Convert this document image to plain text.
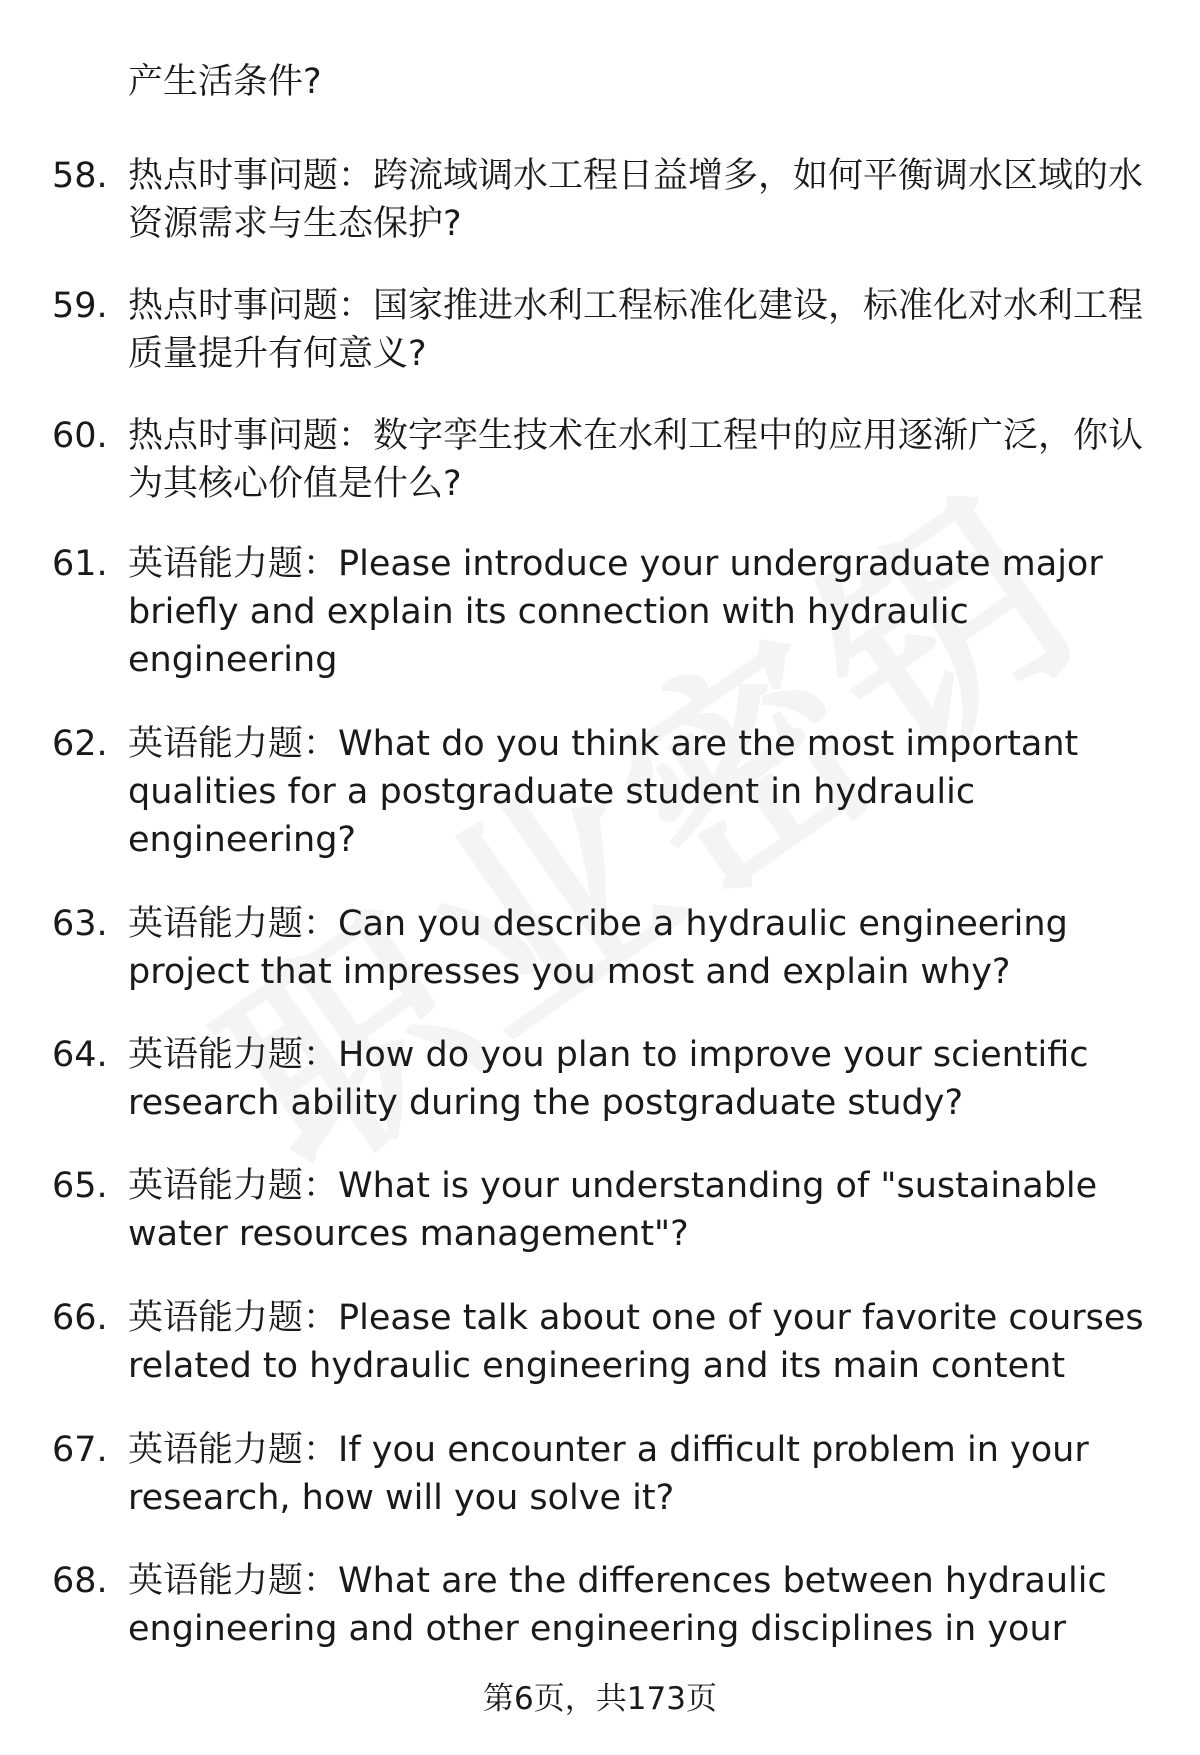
产生活条件?
58. 热点时事问题：跨流域调水工程日益增多，如何平衡调水区域的水资源需求与生态保护?
59. 热点时事问题：国家推进水利工程标准化建设，标准化对水利工程质量提升有何意义?
60. 热点时事问题：数字孪生技术在水利工程中的应用逐渐广泛，你认为其核心价值是什么?
61. 英语能力题：Please introduce your undergraduate major briefly and explain its connection with hydraulic engineering
62. 英语能力题：What do you think are the most important qualities for a postgraduate student in hydraulic engineering?
63. 英语能力题：Can you describe a hydraulic engineering project that impresses you most and explain why?
64. 英语能力题：How do you plan to improve your scientific research ability during the postgraduate study?
65. 英语能力题：What is your understanding of "sustainable water resources management"?
66. 英语能力题：Please talk about one of your favorite courses related to hydraulic engineering and its main content
67. 英语能力题：If you encounter a difficult problem in your research, how will you solve it?
68. 英语能力题：What are the differences between hydraulic engineering and other engineering disciplines in your
第6页，共173页
